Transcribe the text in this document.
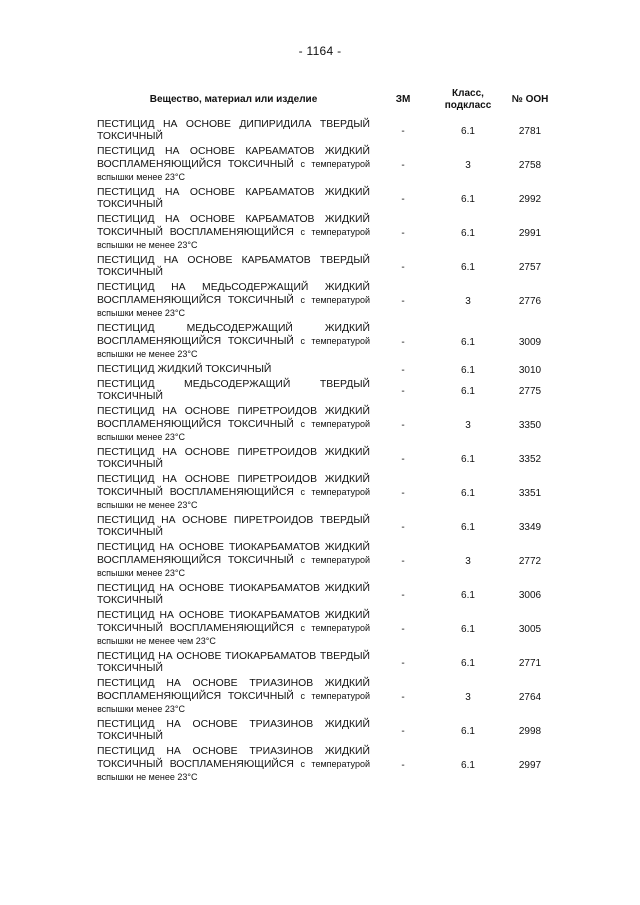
- 1164 -
Вещество, материал или изделие	ЗМ	Класс, подкласс	№ ООН
ПЕСТИЦИД НА ОСНОВЕ ДИПИРИДИЛА ТВЕРДЫЙ ТОКСИЧНЫЙ	-	6.1	2781
ПЕСТИЦИД НА ОСНОВЕ КАРБАМАТОВ ЖИДКИЙ ВОСПЛАМЕНЯЮЩИЙСЯ ТОКСИЧНЫЙ с температурой вспышки менее 23°С	-	3	2758
ПЕСТИЦИД НА ОСНОВЕ КАРБАМАТОВ ЖИДКИЙ ТОКСИЧНЫЙ	-	6.1	2992
ПЕСТИЦИД НА ОСНОВЕ КАРБАМАТОВ ЖИДКИЙ ТОКСИЧНЫЙ ВОСПЛАМЕНЯЮЩИЙСЯ с температурой вспышки не менее 23°С	-	6.1	2991
ПЕСТИЦИД НА ОСНОВЕ КАРБАМАТОВ ТВЕРДЫЙ ТОКСИЧНЫЙ	-	6.1	2757
ПЕСТИЦИД НА МЕДЬСОДЕРЖАЩИЙ ЖИДКИЙ ВОСПЛАМЕНЯЮЩИЙСЯ ТОКСИЧНЫЙ с температурой вспышки менее 23°С	-	3	2776
ПЕСТИЦИД МЕДЬСОДЕРЖАЩИЙ ЖИДКИЙ ВОСПЛАМЕНЯЮЩИЙСЯ ТОКСИЧНЫЙ с температурой вспышки не менее 23°С	-	6.1	3009
ПЕСТИЦИД ЖИДКИЙ ТОКСИЧНЫЙ	-	6.1	3010
ПЕСТИЦИД МЕДЬСОДЕРЖАЩИЙ ТВЕРДЫЙ ТОКСИЧНЫЙ	-	6.1	2775
ПЕСТИЦИД НА ОСНОВЕ ПИРЕТРОИДОВ ЖИДКИЙ ВОСПЛАМЕНЯЮЩИЙСЯ ТОКСИЧНЫЙ с температурой вспышки менее 23°С	-	3	3350
ПЕСТИЦИД НА ОСНОВЕ ПИРЕТРОИДОВ ЖИДКИЙ ТОКСИЧНЫЙ	-	6.1	3352
ПЕСТИЦИД НА ОСНОВЕ ПИРЕТРОИДОВ ЖИДКИЙ ТОКСИЧНЫЙ ВОСПЛАМЕНЯЮЩИЙСЯ с температурой вспышки не менее 23°С	-	6.1	3351
ПЕСТИЦИД НА ОСНОВЕ ПИРЕТРОИДОВ ТВЕРДЫЙ ТОКСИЧНЫЙ	-	6.1	3349
ПЕСТИЦИД НА ОСНОВЕ ТИОКАРБАМАТОВ ЖИДКИЙ ВОСПЛАМЕНЯЮЩИЙСЯ ТОКСИЧНЫЙ с температурой вспышки менее 23°С	-	3	2772
ПЕСТИЦИД НА ОСНОВЕ ТИОКАРБАМАТОВ ЖИДКИЙ ТОКСИЧНЫЙ	-	6.1	3006
ПЕСТИЦИД НА ОСНОВЕ ТИОКАРБАМАТОВ ЖИДКИЙ ТОКСИЧНЫЙ ВОСПЛАМЕНЯЮЩИЙСЯ с температурой вспышки не менее чем 23°С	-	6.1	3005
ПЕСТИЦИД НА ОСНОВЕ ТИОКАРБАМАТОВ ТВЕРДЫЙ ТОКСИЧНЫЙ	-	6.1	2771
ПЕСТИЦИД НА ОСНОВЕ ТРИАЗИНОВ ЖИДКИЙ ВОСПЛАМЕНЯЮЩИЙСЯ ТОКСИЧНЫЙ с температурой вспышки менее 23°С	-	3	2764
ПЕСТИЦИД НА ОСНОВЕ ТРИАЗИНОВ ЖИДКИЙ ТОКСИЧНЫЙ	-	6.1	2998
ПЕСТИЦИД НА ОСНОВЕ ТРИАЗИНОВ ЖИДКИЙ ТОКСИЧНЫЙ ВОСПЛАМЕНЯЮЩИЙСЯ с температурой вспышки не менее 23°С	-	6.1	2997
